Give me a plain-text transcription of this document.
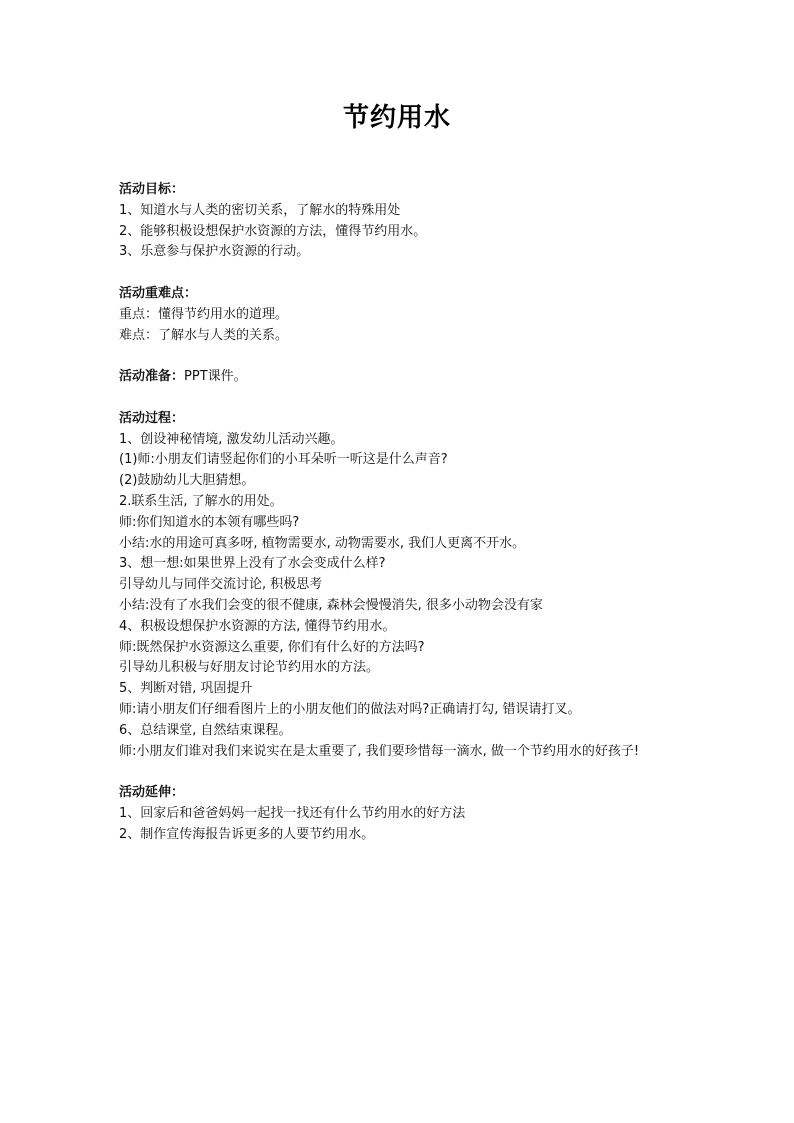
节约用水
活动目标：
1、知道水与人类的密切关系，了解水的特殊用处
2、能够积极设想保护水资源的方法，懂得节约用水。
3、乐意参与保护水资源的行动。
活动重难点：
重点：懂得节约用水的道理。
难点：了解水与人类的关系。
活动准备：PPT课件。
活动过程：
1、创设神秘情境, 激发幼儿活动兴趣。
(1)师:小朋友们请竖起你们的小耳朵听一听这是什么声音?
(2)鼓励幼儿大胆猜想。
2.联系生活, 了解水的用处。
师:你们知道水的本领有哪些吗?
小结:水的用途可真多呀, 植物需要水, 动物需要水, 我们人更离不开水。
3、想一想:如果世界上没有了水会变成什么样?
引导幼儿与同伴交流讨论, 积极思考
小结:没有了水我们会变的很不健康, 森林会慢慢消失, 很多小动物会没有家
4、积极设想保护水资源的方法, 懂得节约用水。
师:既然保护水资源这么重要, 你们有什么好的方法吗?
引导幼儿积极与好朋友讨论节约用水的方法。
5、判断对错, 巩固提升
师:请小朋友们仔细看图片上的小朋友他们的做法对吗?正确请打勾, 错误请打叉。
6、总结课堂, 自然结束课程。
师:小朋友们谁对我们来说实在是太重要了, 我们要珍惜每一滴水, 做一个节约用水的好孩子!
活动延伸：
1、回家后和爸爸妈妈一起找一找还有什么节约用水的好方法
2、制作宣传海报告诉更多的人要节约用水。
